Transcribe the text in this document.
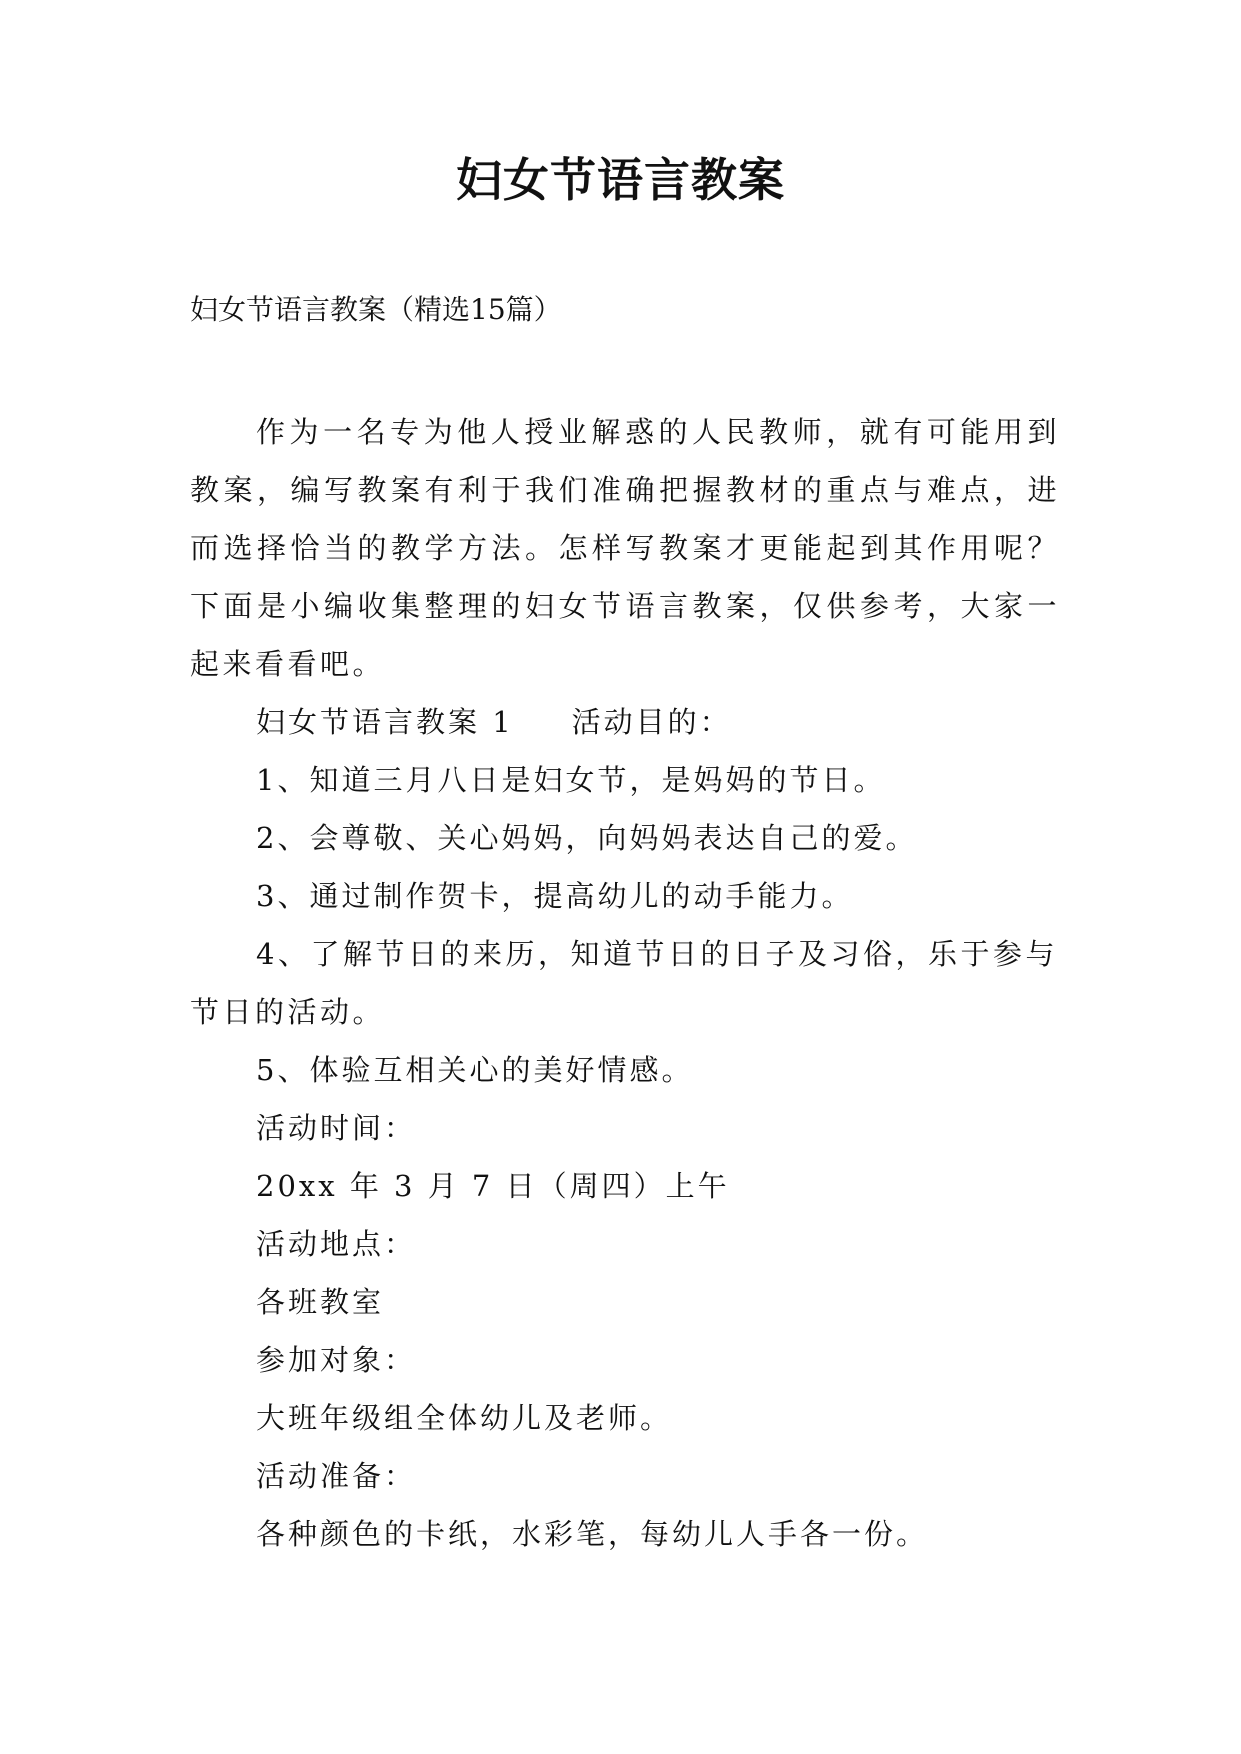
妇女节语言教案
妇女节语言教案（精选15篇）

作为一名专为他人授业解惑的人民教师，就有可能用到教案，编写教案有利于我们准确把握教材的重点与难点，进而选择恰当的教学方法。怎样写教案才更能起到其作用呢？下面是小编收集整理的妇女节语言教案，仅供参考，大家一起来看看吧。

妇女节语言教案 1 活动目的：

1、知道三月八日是妇女节，是妈妈的节日。

2、会尊敬、关心妈妈，向妈妈表达自己的爱。

3、通过制作贺卡，提高幼儿的动手能力。

4、了解节日的来历，知道节日的日子及习俗，乐于参与节日的活动。

5、体验互相关心的美好情感。

活动时间：

20xx 年 3 月 7 日（周四）上午

活动地点：

各班教室

参加对象：

大班年级组全体幼儿及老师。

活动准备：

各种颜色的卡纸，水彩笔，每幼儿人手各一份。
